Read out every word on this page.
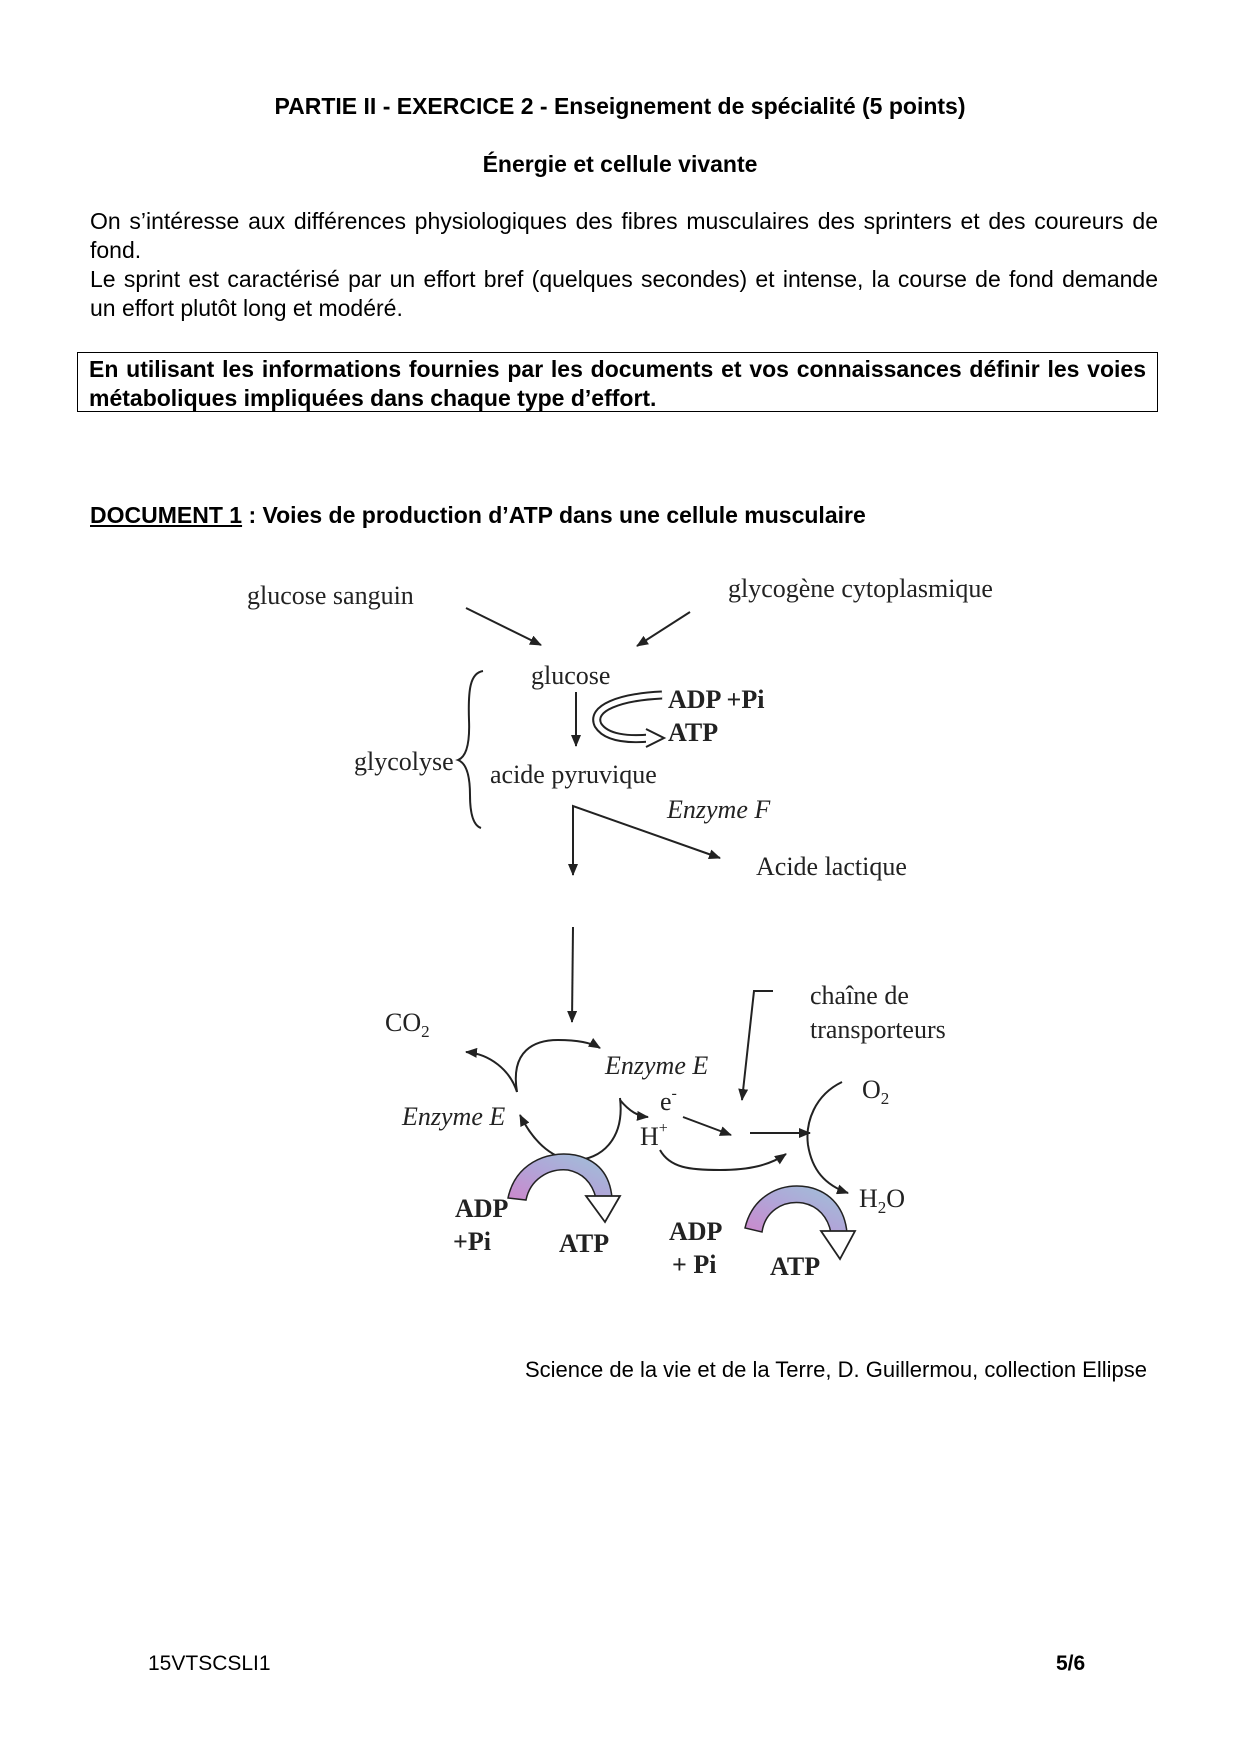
PARTIE II - EXERCICE 2 - Enseignement de spécialité (5 points)
Énergie et cellule vivante

On s’intéresse aux différences physiologiques des fibres musculaires des sprinters et des coureurs de fond.

Le sprint est caractérisé par un effort bref (quelques secondes) et intense, la course de fond demande un effort plutôt long et modéré.

En utilisant les informations fournies par les documents et vos connaissances définir les voies métaboliques impliquées dans chaque type d’effort.
DOCUMENT 1 : Voies de production d’ATP dans une cellule musculaire
glucose sanguin	glycogène cytoplasmique
glucose
ADP +Pi
ATP
glycolyse acide pyruvique
Enzyme F
Acide lactique
chaîne de
transporteurs
$CO_2$
Enzyme E
Enzyme E
e-
H+
$O_2$
$H_2O$
ADP
+Pi	ATP ADP
+ Pi ATP
Science de la vie et de la Terre, D. Guillermou, collection Ellipse
15VTSCSLI1	5/6
